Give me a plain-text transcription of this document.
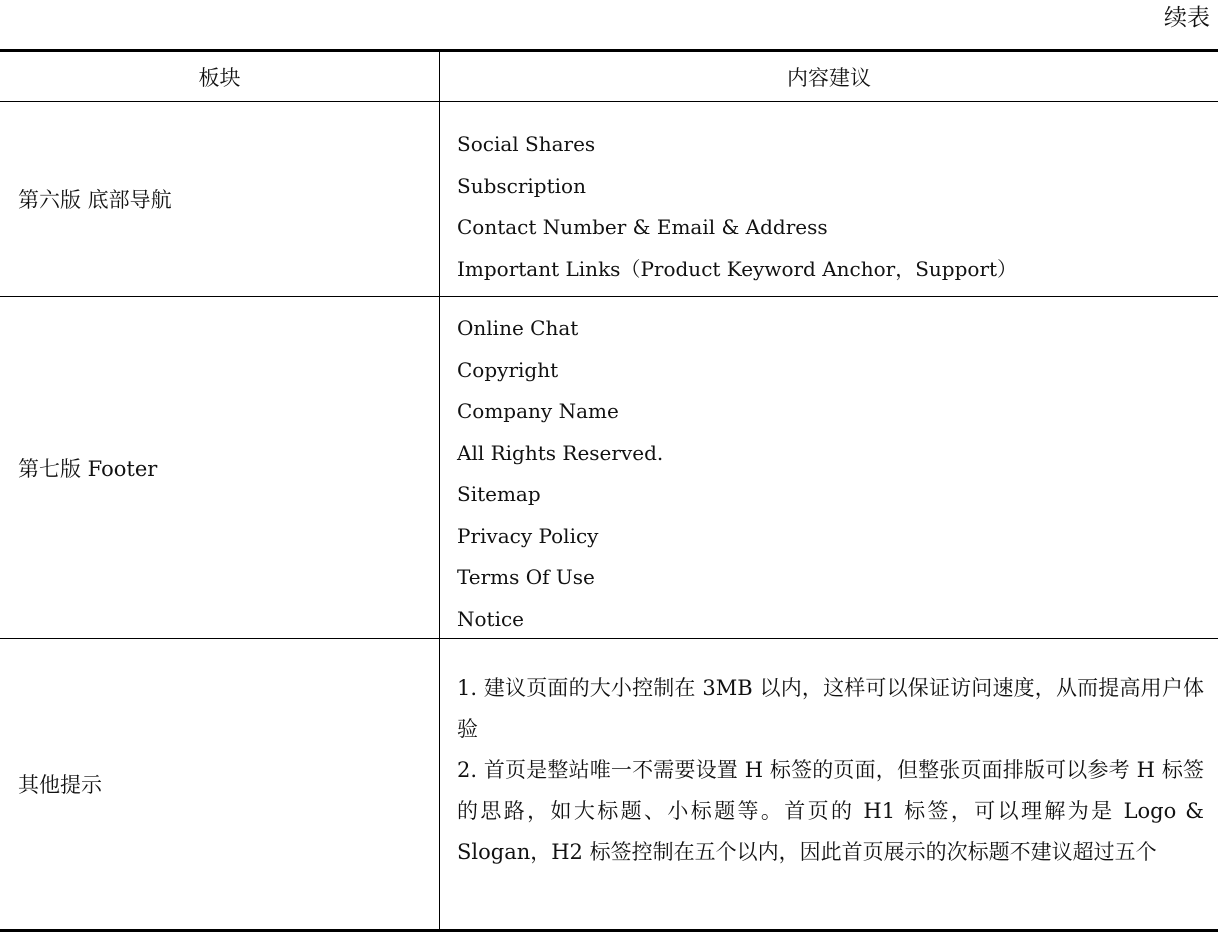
续表
板块	内容建议
第六版 底部导航
Social Shares
Subscription
Contact Number & Email & Address
Important Links（Product Keyword Anchor，Support）
第七版 Footer
Online Chat
Copyright
Company Name
All Rights Reserved.
Sitemap
Privacy Policy
Terms Of Use
Notice
其他提示
1. 建议页面的大小控制在 3MB 以内，这样可以保证访问速度，从而提高用户体验
2. 首页是整站唯一不需要设置 H 标签的页面，但整张页面排版可以参考 H 标签的思路，如大标题、小标题等。首页的 H1 标签，可以理解为是 Logo & Slogan，H2 标签控制在五个以内，因此首页展示的次标题不建议超过五个
